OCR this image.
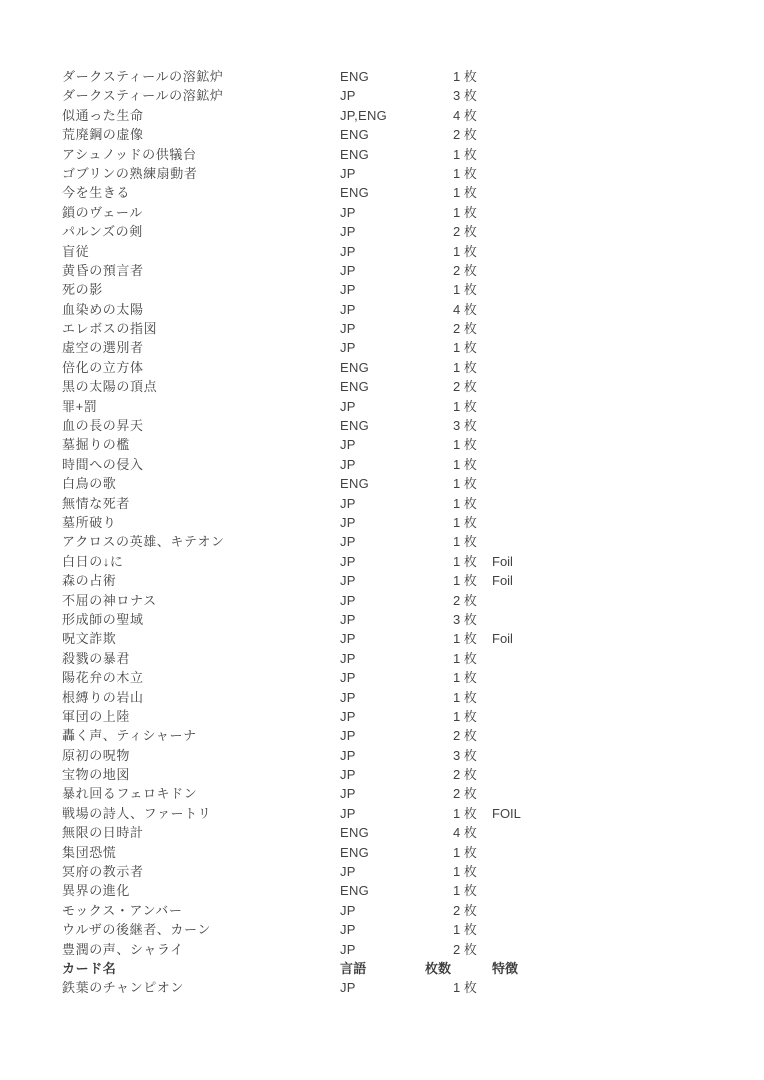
ダークスティールの溶鉱炉	ENG	1 枚
ダークスティールの溶鉱炉	JP	3 枚
似通った生命	JP,ENG	4 枚
荒廃鋼の虚像	ENG	2 枚
アシュノッドの供犠台	ENG	1 枚
ゴブリンの熟練扇動者	JP	1 枚
今を生きる	ENG	1 枚
鎖のヴェール	JP	1 枚
パルンズの剣	JP	2 枚
盲従	JP	1 枚
黄昏の預言者	JP	2 枚
死の影	JP	1 枚
血染めの太陽	JP	4 枚
エレボスの指図	JP	2 枚
虚空の選別者	JP	1 枚
倍化の立方体	ENG	1 枚
黒の太陽の頂点	ENG	2 枚
罪+罰	JP	1 枚
血の長の昇天	ENG	3 枚
墓掘りの檻	JP	1 枚
時間への侵入	JP	1 枚
白鳥の歌	ENG	1 枚
無情な死者	JP	1 枚
墓所破り	JP	1 枚
アクロスの英雄、キテオン	JP	1 枚
白日の↓に	JP	1 枚 Foil
森の占術	JP	1 枚 Foil
不屈の神ロナス	JP	2 枚
形成師の聖域	JP	3 枚
呪文詐欺	JP	1 枚 Foil
殺戮の暴君	JP	1 枚
陽花弁の木立	JP	1 枚
根縛りの岩山	JP	1 枚
軍団の上陸	JP	1 枚
轟く声、ティシャーナ	JP	2 枚
原初の呪物	JP	3 枚
宝物の地図	JP	2 枚
暴れ回るフェロキドン	JP	2 枚
戦場の詩人、ファートリ	JP	1 枚 FOIL
無限の日時計	ENG	4 枚
集団恐慌	ENG	1 枚
冥府の教示者	JP	1 枚
異界の進化	ENG	1 枚
モックス・アンバー	JP	2 枚
ウルザの後継者、カーン	JP	1 枚
豊潤の声、シャライ	JP	2 枚
カード名	言語	枚数	特徴
鉄葉のチャンピオン	JP	1 枚
